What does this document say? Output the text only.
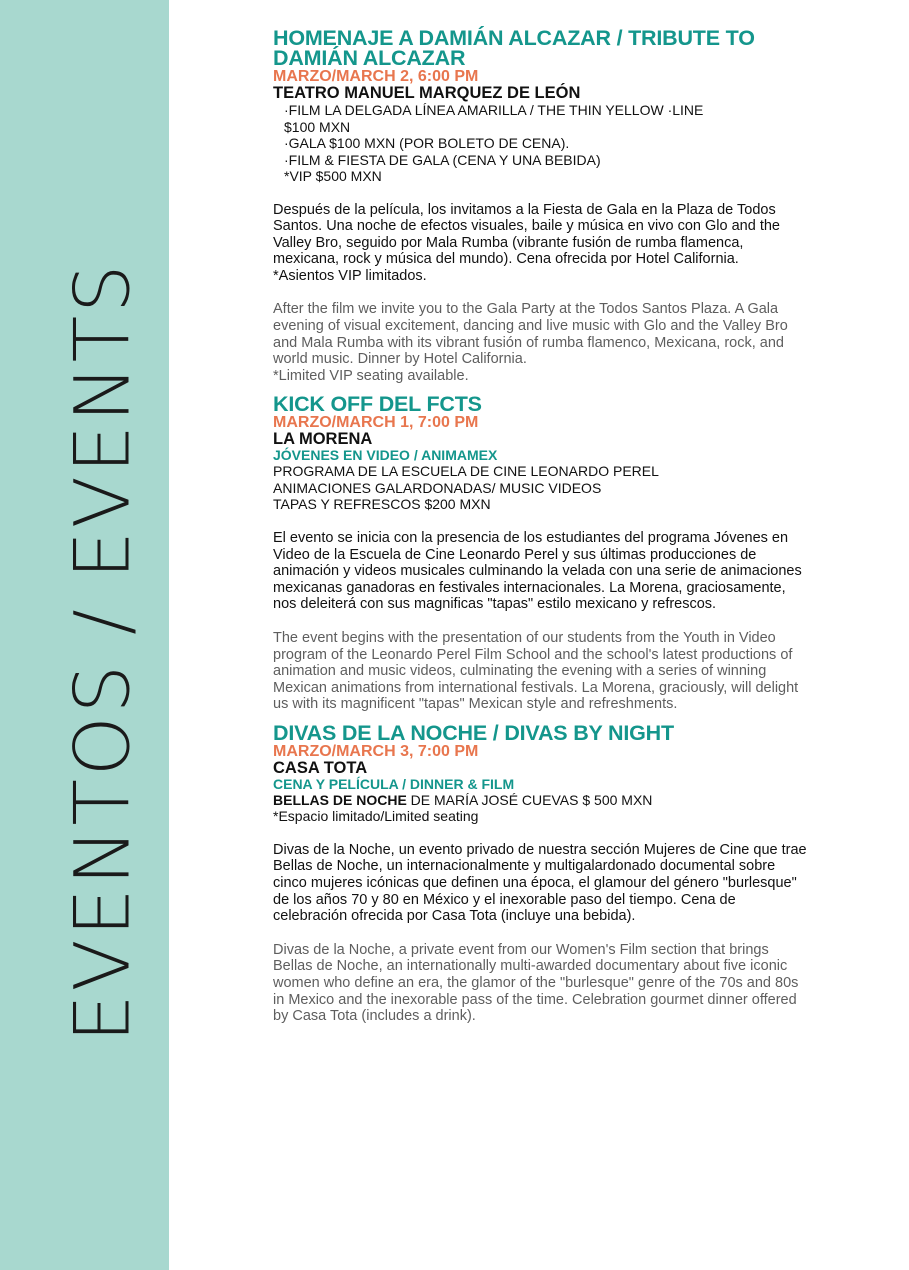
EVENTOS / EVENTS
HOMENAJE A DAMIÁN ALCAZAR / TRIBUTE TO DAMIÁN ALCAZAR
MARZO/MARCH 2, 6:00 PM
TEATRO MANUEL MARQUEZ DE LEÓN
·FILM LA DELGADA LÍNEA AMARILLA / THE THIN YELLOW ·LINE
$100 MXN
·GALA $100 MXN (POR BOLETO DE CENA).
·FILM & FIESTA DE GALA (CENA Y UNA BEBIDA)
*VIP $500 MXN

Después de la película, los invitamos a la Fiesta de Gala en la Plaza de Todos Santos. Una noche de efectos visuales, baile y música en vivo con Glo and the Valley Bro, seguido por Mala Rumba (vibrante fusión de rumba flamenca, mexicana, rock y música del mundo). Cena ofrecida por Hotel California.

*Asientos VIP limitados.

After the film we invite you to the Gala Party at the Todos Santos Plaza. A Gala evening of visual excitement, dancing and live music with Glo and the Valley Bro and Mala Rumba with its vibrant fusión of rumba flamenco, Mexicana, rock, and world music. Dinner by Hotel California.

*Limited VIP seating available.

KICK OFF DEL FCTS
MARZO/MARCH 1, 7:00 PM
LA MORENA
JÓVENES EN VIDEO / ANIMAMEX
PROGRAMA DE LA ESCUELA DE CINE LEONARDO PEREL
ANIMACIONES GALARDONADAS/ MUSIC VIDEOS
TAPAS Y REFRESCOS $200 MXN

El evento se inicia con la presencia de los estudiantes del programa Jóvenes en Video de la Escuela de Cine Leonardo Perel y sus últimas producciones de animación y videos musicales culminando la velada con una serie de animaciones mexicanas ganadoras en festivales internacionales. La Morena, graciosamente, nos deleiterá con sus magnificas "tapas" estilo mexicano y refrescos.

The event begins with the presentation of our students from the Youth in Video program of the Leonardo Perel Film School and the school's latest productions of animation and music videos, culminating the evening with a series of winning Mexican animations from international festivals. La Morena, graciously, will delight us with its magnificent "tapas" Mexican style and refreshments.

DIVAS DE LA NOCHE / DIVAS BY NIGHT
MARZO/MARCH 3, 7:00 PM
CASA TOTA
CENA Y PELÍCULA / DINNER & FILM
BELLAS DE NOCHE DE MARÍA JOSÉ CUEVAS $ 500 MXN
*Espacio limitado/Limited seating

Divas de la Noche, un evento privado de nuestra sección Mujeres de Cine que trae Bellas de Noche, un internacionalmente y multigalardonado documental sobre cinco mujeres icónicas que definen una época, el glamour del género "burlesque" de los años 70 y 80 en México y el inexorable paso del tiempo. Cena de celebración ofrecida por Casa Tota (incluye una bebida).

Divas de la Noche, a private event from our Women's Film section that brings Bellas de Noche, an internationally multi-awarded documentary about five iconic women who define an era, the glamor of the "burlesque" genre of the 70s and 80s in Mexico and the inexorable pass of the time. Celebration gourmet dinner offered by Casa Tota (includes a drink).
